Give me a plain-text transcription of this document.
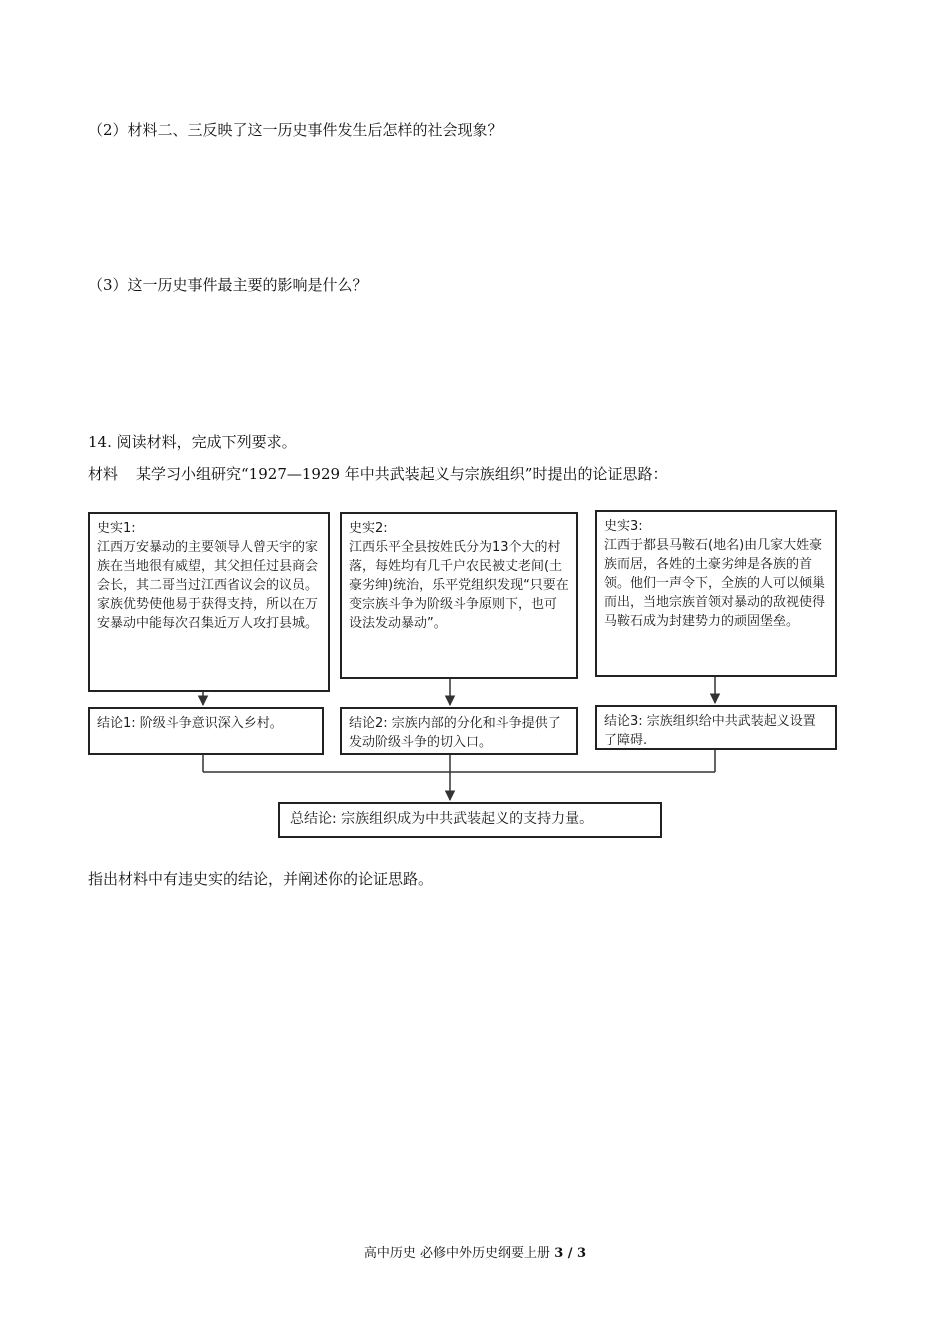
（2）材料二、三反映了这一历史事件发生后怎样的社会现象？
（3）这一历史事件最主要的影响是什么？
14. 阅读材料，完成下列要求。
材料 某学习小组研究“1927—1929 年中共武装起义与宗族组织”时提出的论证思路：
史实1:
江西万安暴动的主要领导人曾天宇的家族在当地很有威望，其父担任过县商会会长，其二哥当过江西省议会的议员。家族优势使他易于获得支持，所以在万安暴动中能每次召集近万人攻打县城。
史实2:
江西乐平全县按姓氏分为13个大的村落，每姓均有几千户农民被丈老间(土豪劣绅)统治，乐平党组织发现“只要在变宗族斗争为阶级斗争原则下，也可设法发动暴动”。
史实3:
江西于都县马鞍石(地名)由几家大姓豪族而居，各姓的土豪劣绅是各族的首领。他们一声令下，全族的人可以倾巢而出，当地宗族首领对暴动的敌视使得马鞍石成为封建势力的顽固堡垒。
结论1: 阶级斗争意识深入乡村。	结论2: 宗族内部的分化和斗争提供了发动阶级斗争的切入口。
结论3: 宗族组织给中共武装起义设置了障碍.
总结论: 宗族组织成为中共武装起义的支持力量。
指出材料中有违史实的结论，并阐述你的论证思路。
高中历史 必修中外历史纲要上册 3 / 3
